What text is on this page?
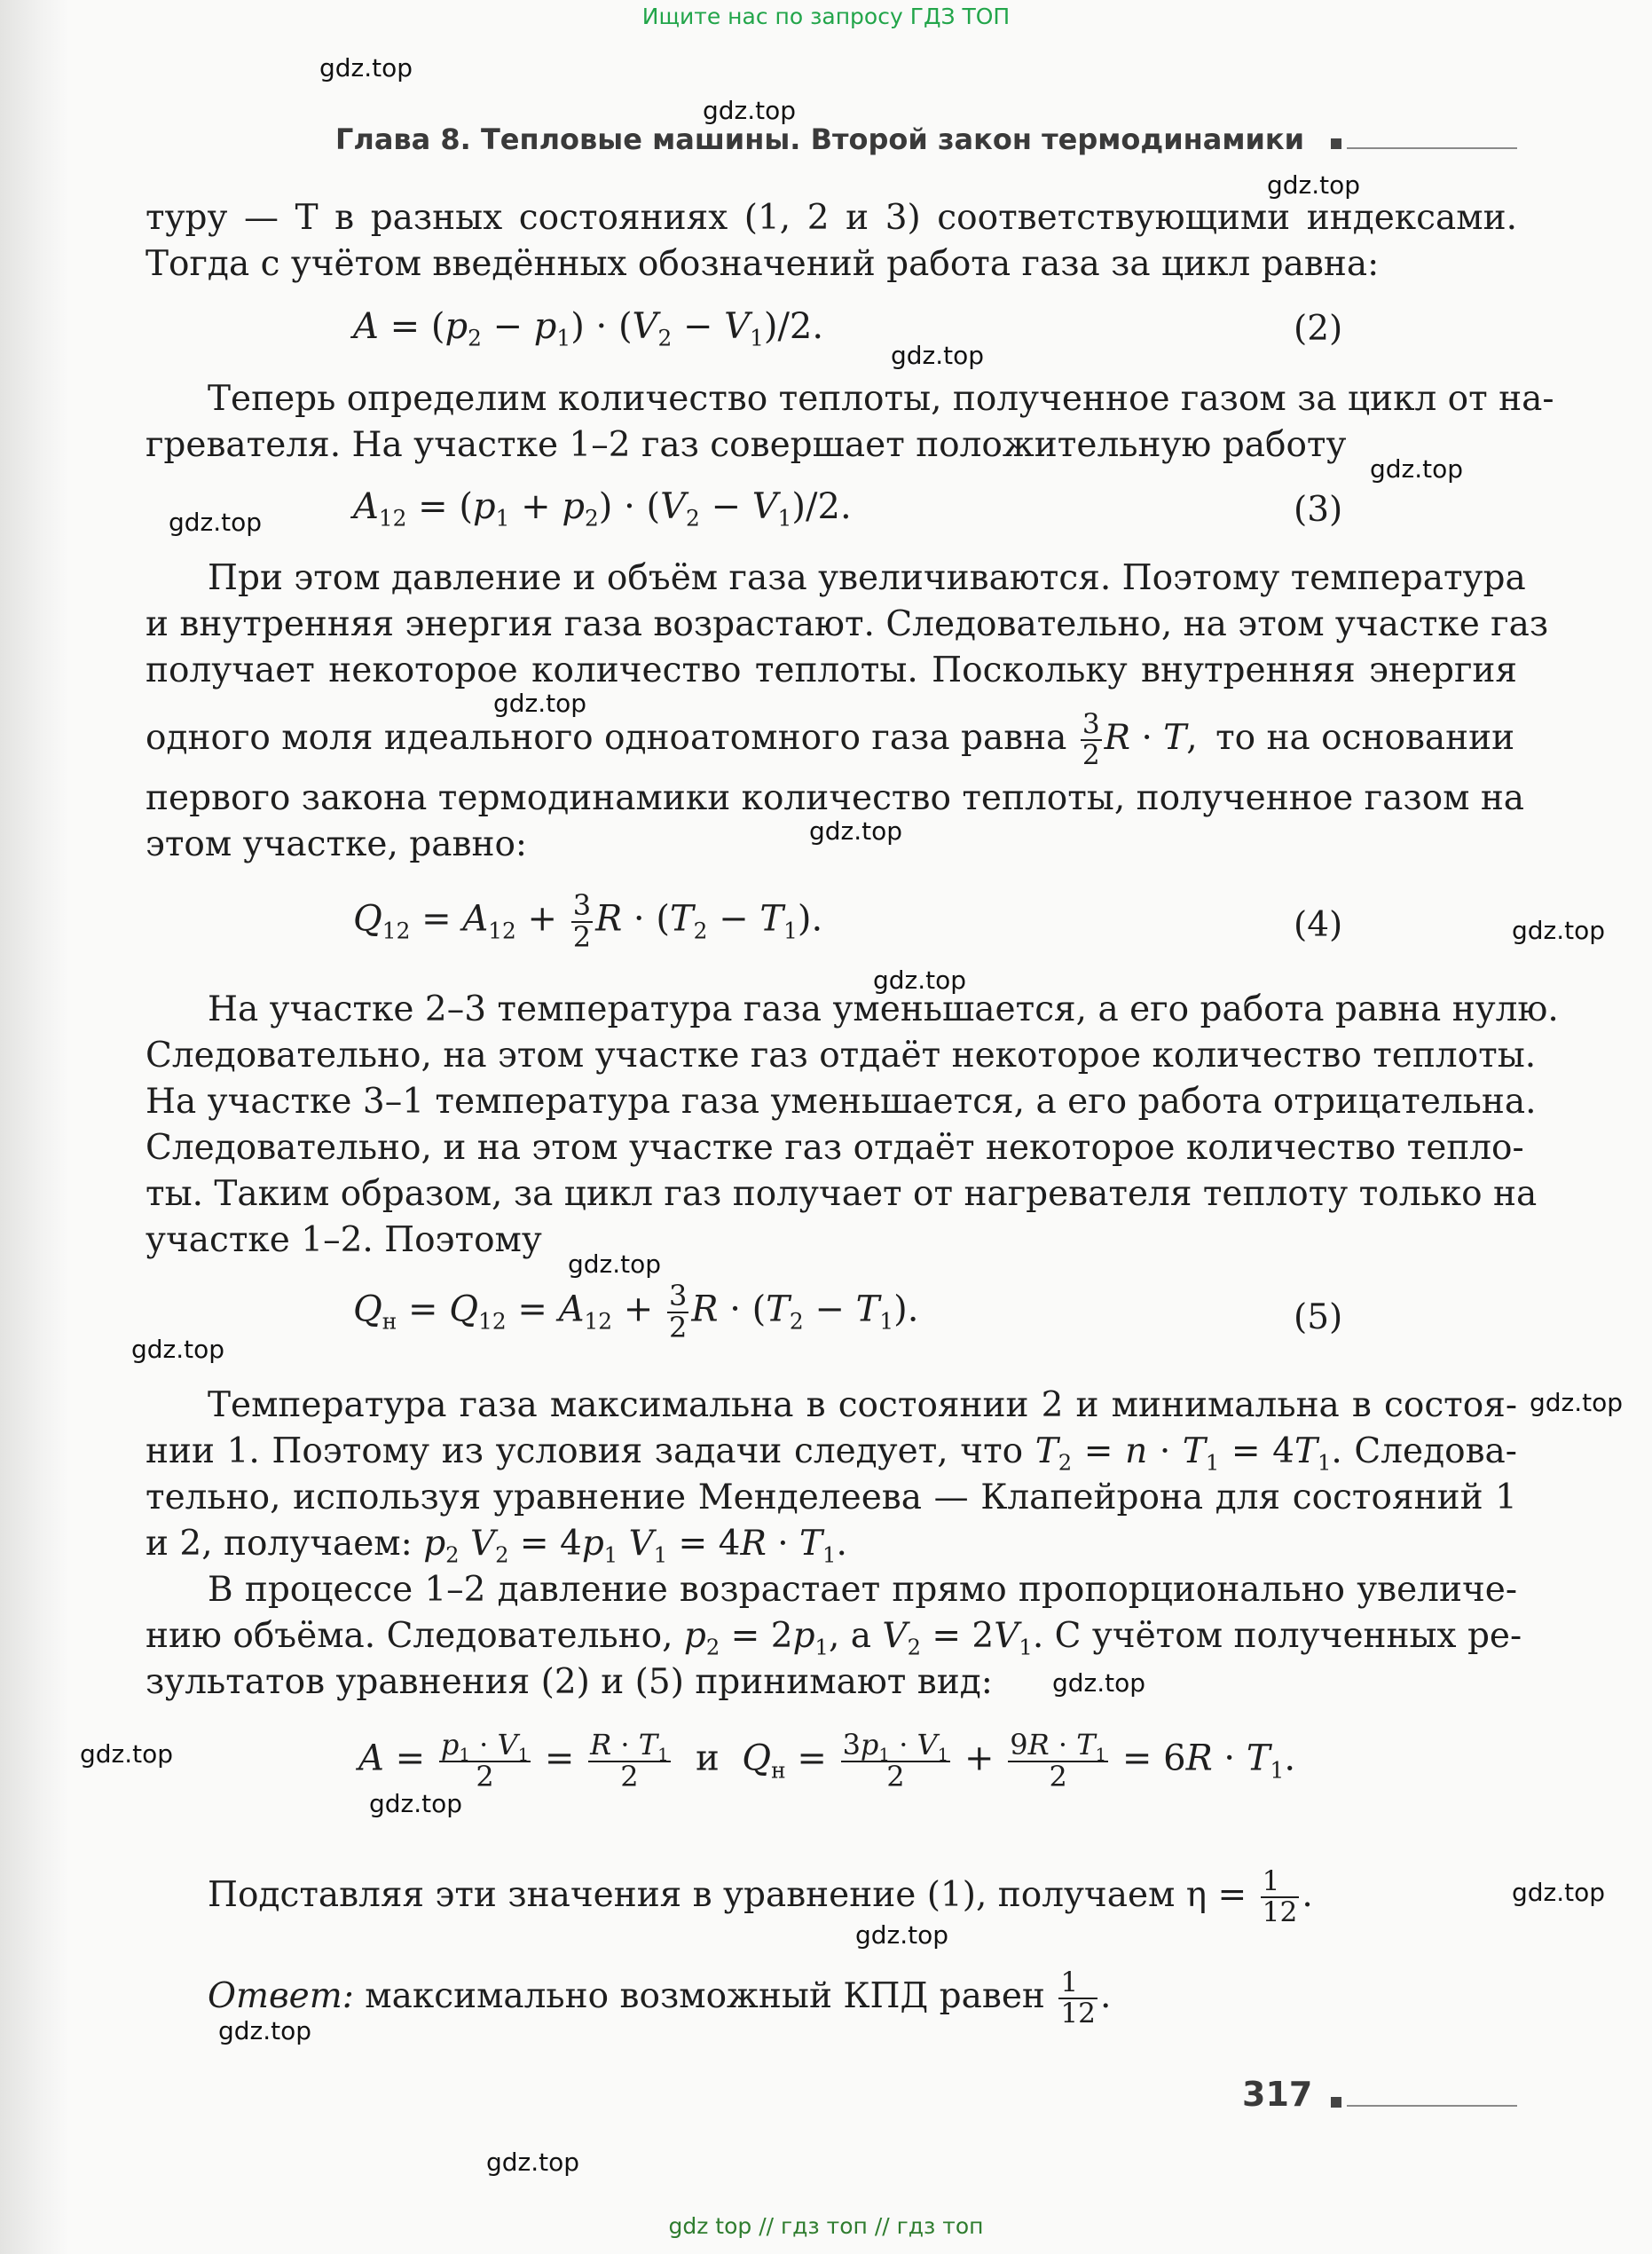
Ищите нас по запросу ГДЗ ТОП
Глава 8. Тепловые машины. Второй закон термодинамики
туру — T в разных состояниях (1, 2 и 3) соответствующими индексами.
Тогда с учётом введённых обозначений работа газа за цикл равна:
$A = (p_2 - p_1) \cdot (V_2 - V_1)/2$.	(2)
Теперь определим количество теплоты, полученное газом за цикл от на-
гревателя. На участке 1–2 газ совершает положительную работу
$A_{12} = (p_1 + p_2) \cdot (V_2 - V_1)/2$.	(3)
При этом давление и объём газа увеличиваются. Поэтому температура
и внутренняя энергия газа возрастают. Следовательно, на этом участке газ
получает некоторое количество теплоты. Поскольку внутренняя энергия
одного моля идеального одноатомного газа равна $\frac{3}{2}$ R · T, то на основании
первого закона термодинамики количество теплоты, полученное газом на
этом участке, равно:
$Q_{12} = A_{12} + \frac{3}{2}$ $R \cdot (T_2 - T_1)$.	(4)
На участке 2–3 температура газа уменьшается, а его работа равна нулю.
Следовательно, на этом участке газ отдаёт некоторое количество теплоты.
На участке 3–1 температура газа уменьшается, а его работа отрицательна.
Следовательно, и на этом участке газ отдаёт некоторое количество тепло-
ты. Таким образом, за цикл газ получает от нагревателя теплоту только на
участке 1–2. Поэтому
$Q_н = Q_{12} = A_{12} + \frac{3}{2}$ $R \cdot (T_2 - T_1)$.	(5)
Температура газа максимальна в состоянии 2 и минимальна в состоя-
нии 1. Поэтому из условия задачи следует, что $T_2 = n \cdot T_1 = 4T_1$. Следова-
тельно, используя уравнение Менделеева — Клапейрона для состояний 1
и 2, получаем: $p_2$ $V_2 = 4p_1$ $V_1 = 4R \cdot T_1$.
В процессе 1–2 давление возрастает прямо пропорционально увеличе-
нию объёма. Следовательно, $p_2 = 2p_1$, а $V_2 = 2V_1$. С учётом полученных ре-
зультатов уравнения (2) и (5) принимают вид:
$A = \frac{p_1 \cdot V_1}{2} = \frac{R \cdot T_1}{2}$ и $Q_н = \frac{3p_1 \cdot V_1}{2} + \frac{9R \cdot T_1}{2} = 6R \cdot T_1$.
Подставляя эти значения в уравнение (1), получаем $\eta = \frac{1}{12}$ .
Ответ: максимально возможный КПД равен $\frac{1}{12}$ .
317
gdz.top
gdz.top
gdz.top
gdz.top
gdz.top
gdz.top
gdz.top
gdz.top
gdz.top
gdz.top
gdz.top
gdz.top
gdz.top
gdz.top
gdz.top
gdz.top
gdz.top
gdz.top
gdz.top
gdz.top
gdz top // гдз топ // гдз топ
